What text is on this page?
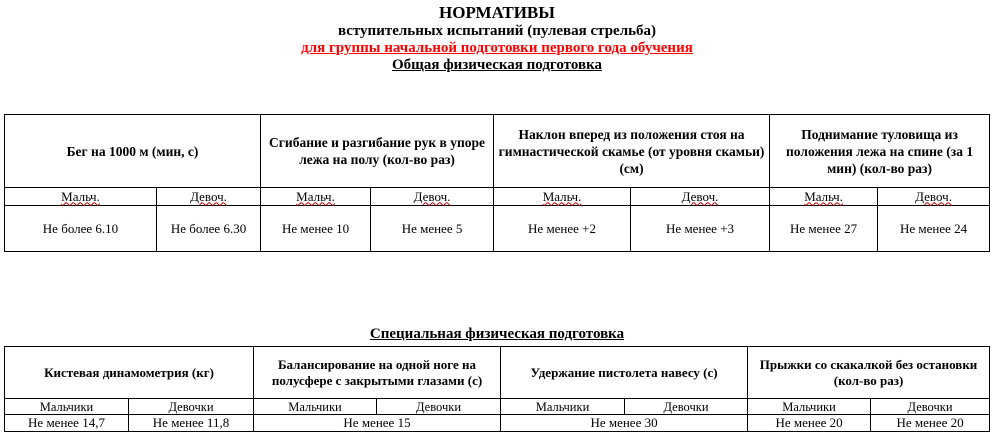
НОРМАТИВЫ
вступительных испытаний (пулевая стрельба)
для группы начальной подготовки первого года обучения
Общая физическая подготовка
Бег на 1000 м (мин, с)		Сгибание и разгибание рук в упоре лежа на полу (кол-во раз)		Наклон вперед из положения стоя на гимнастической скамье (от уровня скамьи) (см)		Поднимание туловища из положения лежа на спине (за 1 мин) (кол-во раз)	
Мальч.	Девоч.	Мальч.	Девоч.	Мальч.	Девоч.	Мальч.	Девоч.
Не более 6.10	Не более 6.30	Не менее 10	Не менее 5	Не менее +2	Не менее +3	Не менее 27	Не менее 24
Специальная физическая подготовка
Кистевая динамометрия (кг)		Балансирование на одной ноге на полусфере с закрытыми глазами (с)		Удержание пистолета навесу (с)		Прыжки со скакалкой без остановки (кол-во раз)	
Мальчики	Девочки	Мальчики	Девочки	Мальчики	Девочки	Мальчики	Девочки
Не менее 14,7	Не менее 11,8	Не менее 15		Не менее 30		Не менее 20	Не менее 20
